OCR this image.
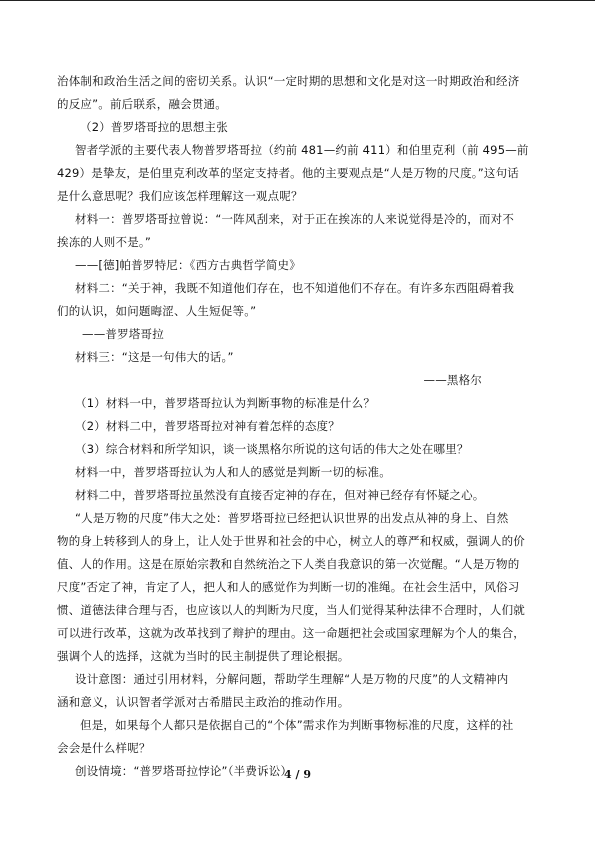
治体制和政治生活之间的密切关系。认识“一定时期的思想和文化是对这一时期政治和经济
的反应”。前后联系，融会贯通。
（2）普罗塔哥拉的思想主张
智者学派的主要代表人物普罗塔哥拉（约前 481—约前 411）和伯里克利（前 495—前
429）是挚友，是伯里克利改革的坚定支持者。他的主要观点是“人是万物的尺度。”这句话
是什么意思呢？我们应该怎样理解这一观点呢？
材料一：普罗塔哥拉曾说：“一阵风刮来，对于正在挨冻的人来说觉得是冷的，而对不
挨冻的人则不是。”
——[德]帕普罗特尼：《西方古典哲学简史》
材料二：“关于神，我既不知道他们存在，也不知道他们不存在。有许多东西阻碍着我
们的认识，如问题晦涩、人生短促等。”
——普罗塔哥拉
材料三：“这是一句伟大的话。”
——黑格尔
（1）材料一中，普罗塔哥拉认为判断事物的标准是什么？
（2）材料二中，普罗塔哥拉对神有着怎样的态度？
（3）综合材料和所学知识，谈一谈黑格尔所说的这句话的伟大之处在哪里？
材料一中，普罗塔哥拉认为人和人的感觉是判断一切的标准。
材料二中，普罗塔哥拉虽然没有直接否定神的存在，但对神已经存有怀疑之心。
“人是万物的尺度”伟大之处：普罗塔哥拉已经把认识世界的出发点从神的身上、自然
物的身上转移到人的身上，让人处于世界和社会的中心，树立人的尊严和权威，强调人的价
值、人的作用。这是在原始宗教和自然统治之下人类自我意识的第一次觉醒。“人是万物的
尺度”否定了神，肯定了人，把人和人的感觉作为判断一切的准绳。在社会生活中，风俗习
惯、道德法律合理与否，也应该以人的判断为尺度，当人们觉得某种法律不合理时，人们就
可以进行改革，这就为改革找到了辩护的理由。这一命题把社会或国家理解为个人的集合，
强调个人的选择，这就为当时的民主制提供了理论根据。
设计意图：通过引用材料，分解问题，帮助学生理解“人是万物的尺度”的人文精神内
涵和意义，认识智者学派对古希腊民主政治的推动作用。
但是，如果每个人都只是依据自己的“个体”需求作为判断事物标准的尺度，这样的社
会会是什么样呢？
创设情境：“普罗塔哥拉悖论”（半费诉讼）
4 / 9
